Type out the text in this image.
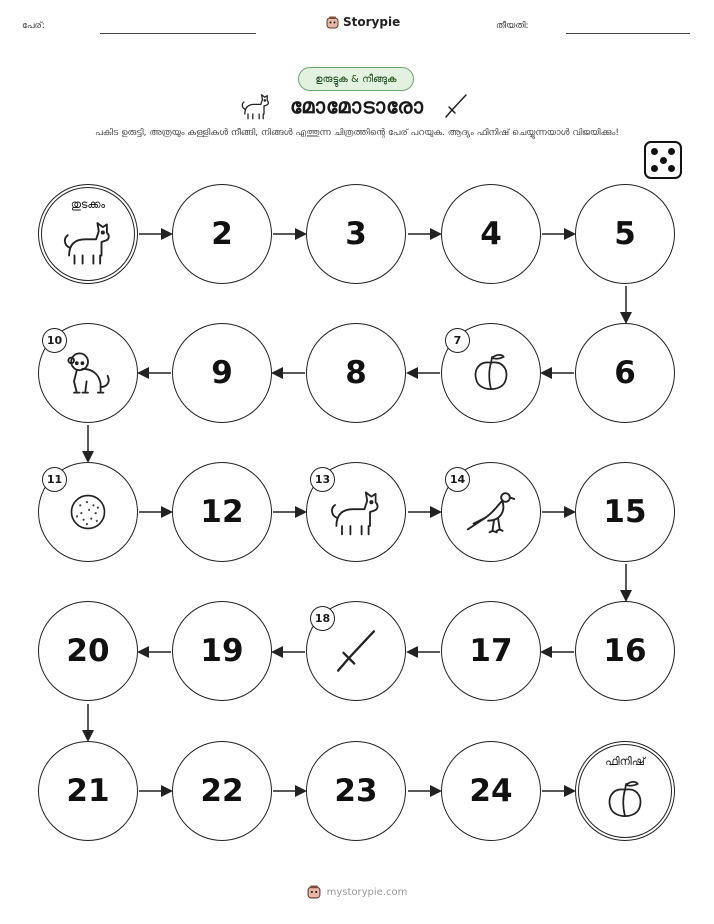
പേര്:	Storypie	തീയതി:
ഉരുട്ടുക & നീങ്ങുക
മോമോടാരോ
പകിട ഉരുട്ടി, അത്രയും കള്ളികൾ നീങ്ങി, നിങ്ങൾ എത്തുന്ന ചിത്രത്തിന്റെ പേര് പറയുക. ആദ്യം ഫിനിഷ് ചെയ്യുന്നയാൾ വിജയിക്കും!
തുടക്കം
2	3	4	5
10
9	8
7
6
11
12
13	14
15
20	19
18
17	16
21	22	23	24
ഫിനിഷ്
mystorypie.com
